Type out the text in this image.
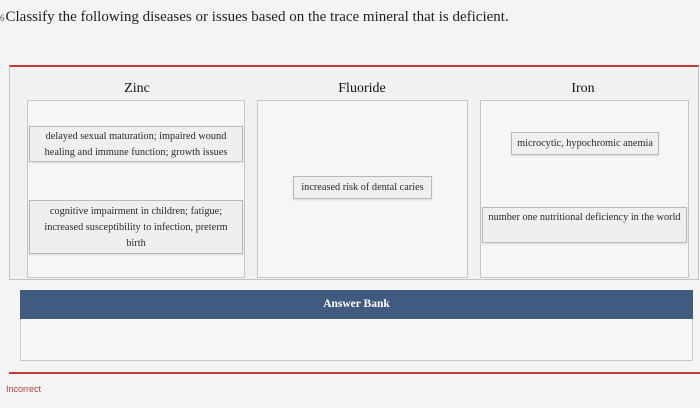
6Classify the following diseases or issues based on the trace mineral that is deficient.
Zinc
delayed sexual maturation; impaired wound healing and immune function; growth issues
cognitive impairment in children; fatigue; increased susceptibility to infection, preterm birth
Fluoride
increased risk of dental caries
Iron
microcytic, hypochromic anemia
number one nutritional deficiency in the world
Answer Bank
Incorrect
